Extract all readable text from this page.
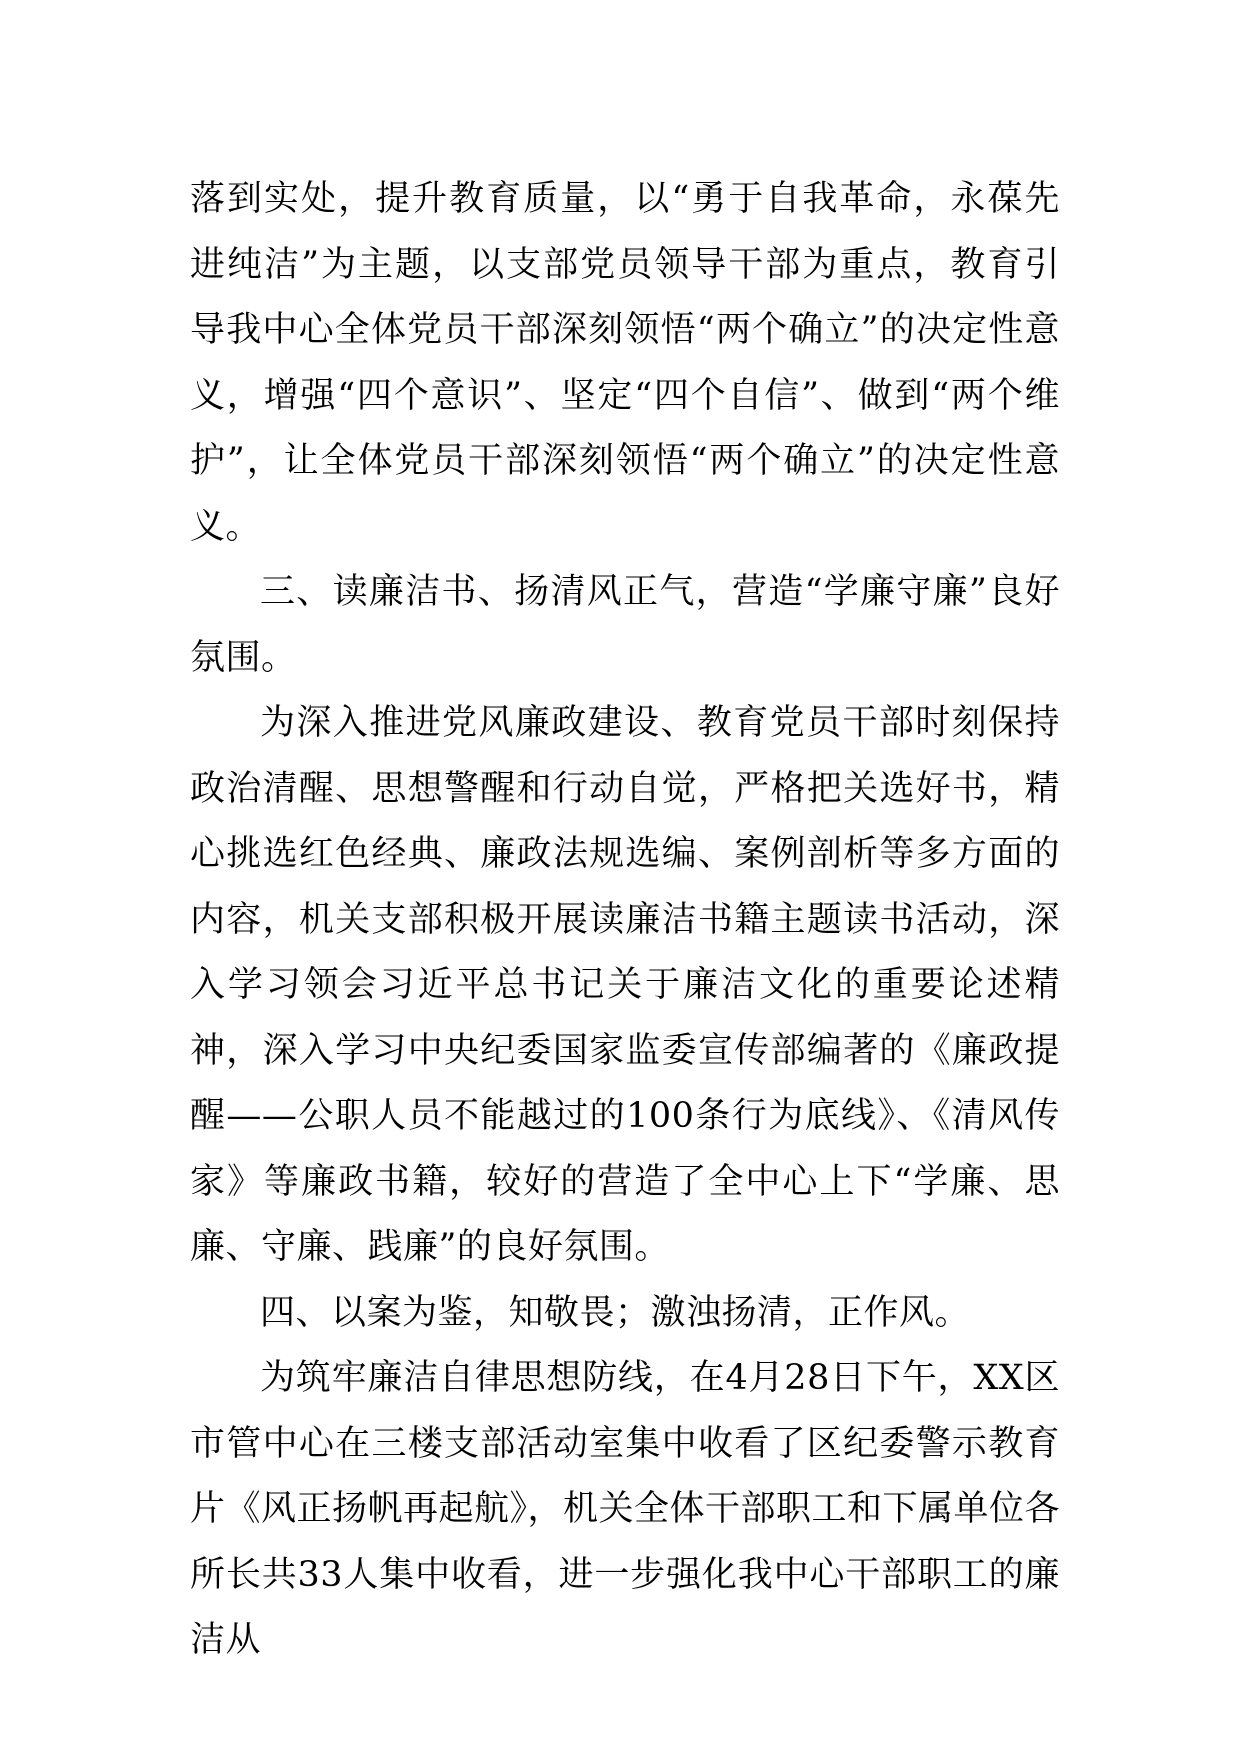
落到实处，提升教育质量，以“勇于自我革命，永葆先进纯洁”为主题，以支部党员领导干部为重点，教育引导我中心全体党员干部深刻领悟“两个确立”的决定性意义，增强“四个意识”、坚定“四个自信”、做到“两个维护”，让全体党员干部深刻领悟“两个确立”的决定性意义。

三、读廉洁书、扬清风正气，营造“学廉守廉”良好氛围。

为深入推进党风廉政建设、教育党员干部时刻保持政治清醒、思想警醒和行动自觉，严格把关选好书，精心挑选红色经典、廉政法规选编、案例剖析等多方面的内容，机关支部积极开展读廉洁书籍主题读书活动，深入学习领会习近平总书记关于廉洁文化的重要论述精神，深入学习中央纪委国家监委宣传部编著的《廉政提醒——公职人员不能越过的100条行为底线》、《清风传家》等廉政书籍，较好的营造了全中心上下“学廉、思廉、守廉、践廉”的良好氛围。

四、以案为鉴，知敬畏；激浊扬清，正作风。

为筑牢廉洁自律思想防线，在4月28日下午，XX区市管中心在三楼支部活动室集中收看了区纪委警示教育片《风正扬帆再起航》，机关全体干部职工和下属单位各所长共33人集中收看，进一步强化我中心干部职工的廉洁从
